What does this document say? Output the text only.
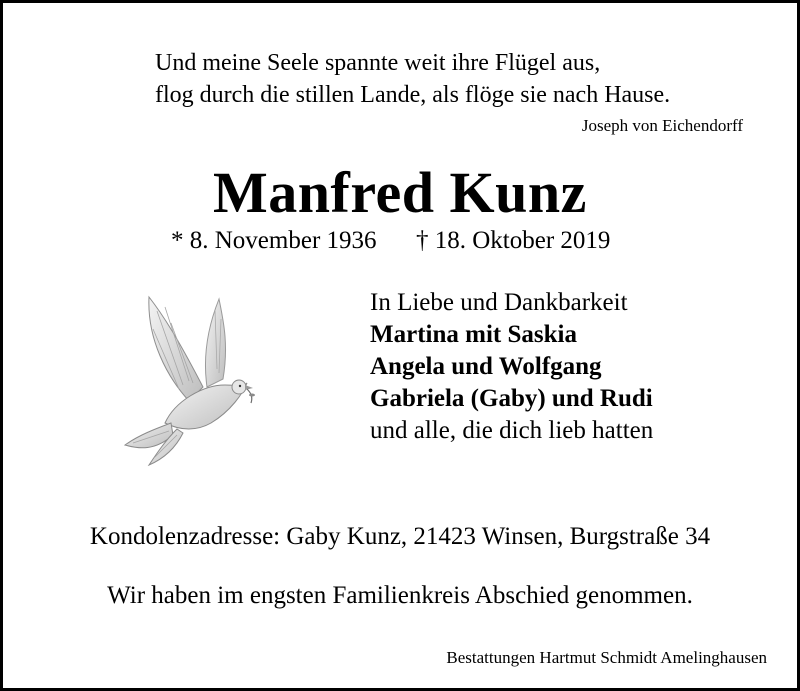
Und meine Seele spannte weit ihre Flügel aus,
flog durch die stillen Lande, als flöge sie nach Hause.
Joseph von Eichendorff
Manfred Kunz
* 8. November 1936 † 18. Oktober 2019
In Liebe und Dankbarkeit
Martina mit Saskia
Angela und Wolfgang
Gabriela (Gaby) und Rudi
und alle, die dich lieb hatten
Kondolenzadresse: Gaby Kunz, 21423 Winsen, Burgstraße 34
Wir haben im engsten Familienkreis Abschied genommen.
Bestattungen Hartmut Schmidt Amelinghausen
